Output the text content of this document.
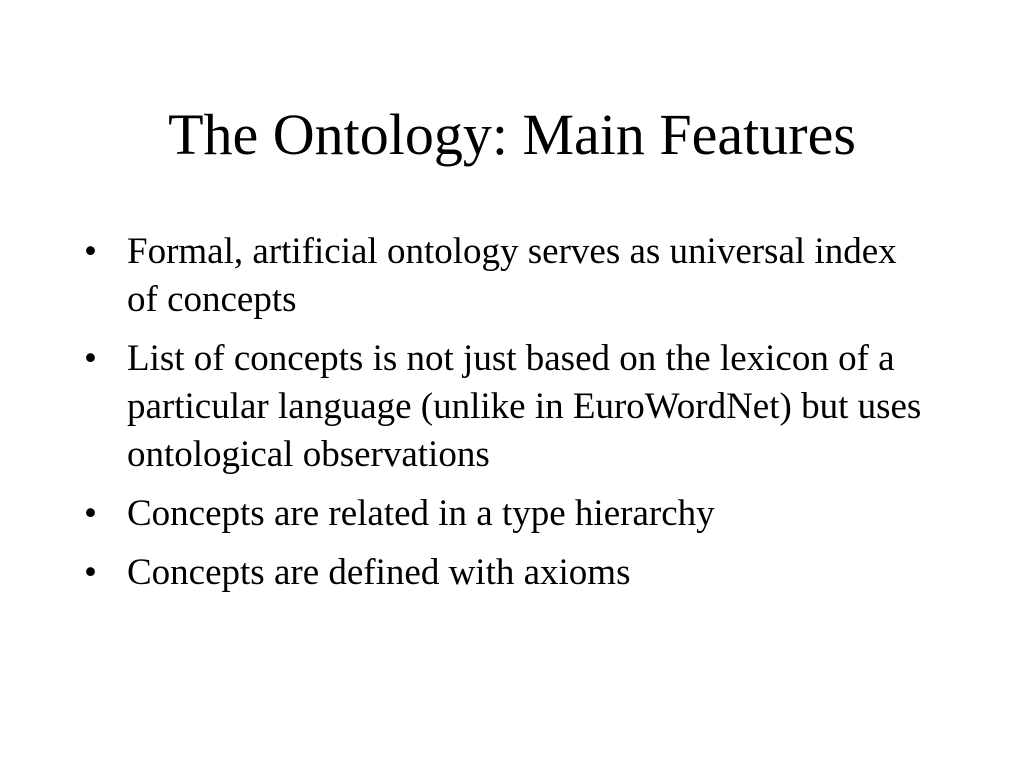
The Ontology: Main Features
• Formal, artificial ontology serves as universal index of concepts
• List of concepts is not just based on the lexicon of a particular language (unlike in EuroWordNet) but uses ontological observations
• Concepts are related in a type hierarchy
• Concepts are defined with axioms
